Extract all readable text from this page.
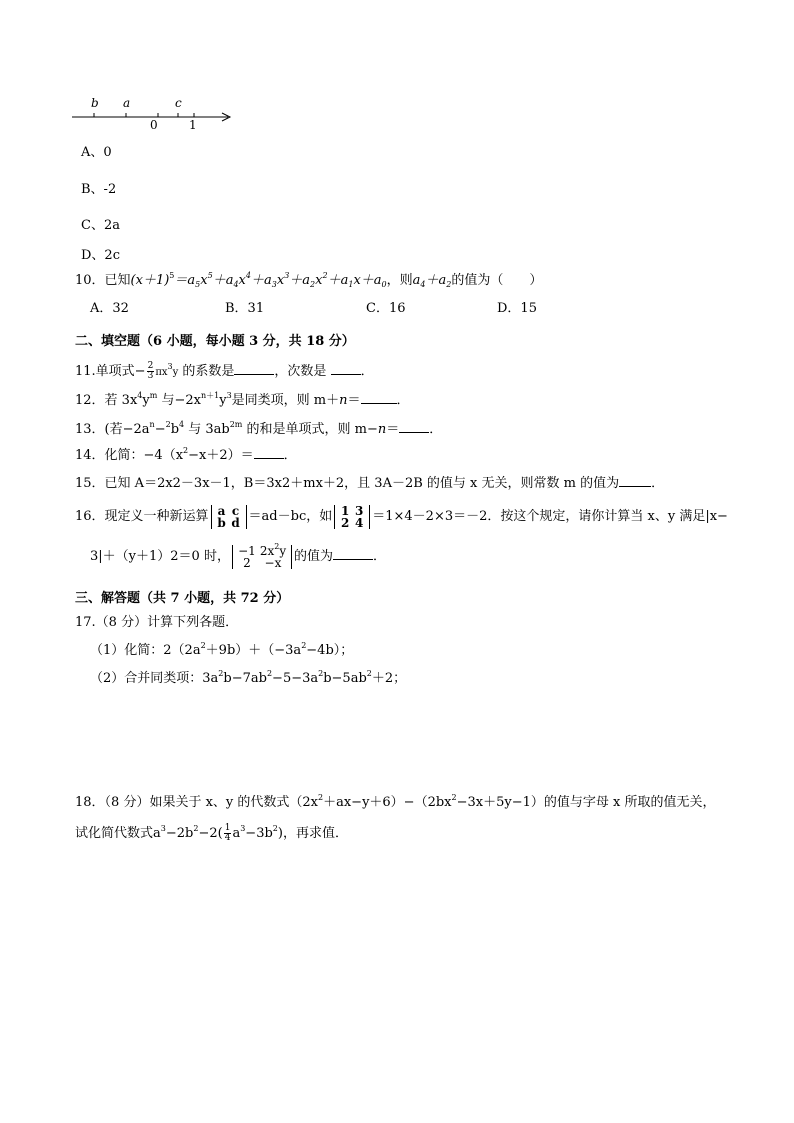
b a	c
0	1
A、0
B、-2
C、2a
D、2c
10．已知$(x+1)^5=a_5x^5+a_4x^4+a_3x^3+a_2x^2+a_1x+a_0$，则$a_4+a_2$的值为（　　）
A．32	B．31	C．16	D．15
二、填空题（6 小题，每小题 3 分，共 18 分）
11.单项式− $\frac{2}{3} \pi x^3y$ 的系数是	，次数是 ．
12．若 $3x^4y^m$ 与$-2x^{n+1}y^3$是同类项，则 m＋n＝	．
13．(若$-2a^n-^2b^4$ 与 $3ab^{2m}$ 的和是单项式，则 m−n＝ ．
14．化简：$-4(x^2-x+2)=$ ．
15．已知 A＝2x2－3x－1，B＝3x2＋mx＋2，且 3A－2B 的值与 x 无关，则常数 m 的值为 ．
16．现定义一种新运算 a c
b d ＝ad－bc，如 1 3
2 4 ＝1×4－2×3＝－2．按这个规定，请你计算当 x、y 满足|x−
3|＋（y＋1）2＝0 时， −1 $2x^2y$
2 −x 的值为	．
三、解答题（共 7 小题，共 72 分）
17.（8 分）计算下列各题．
（1）化简：$2(2a^2+9b)+(-3a^2-4b)$；
（2）合并同类项：$3a^2b-7ab^2-5-3a^2b-5ab^2+2$；
18．（8 分）如果关于 x、y 的代数式$(2x^2+ax-y+6)-(2bx^2-3x+5y-1)$的值与字母 x 所取的值无关，
试化简代数式$a^3-2b^2-2( \frac{1}{4} a^3-3b^2)$，再求值．
